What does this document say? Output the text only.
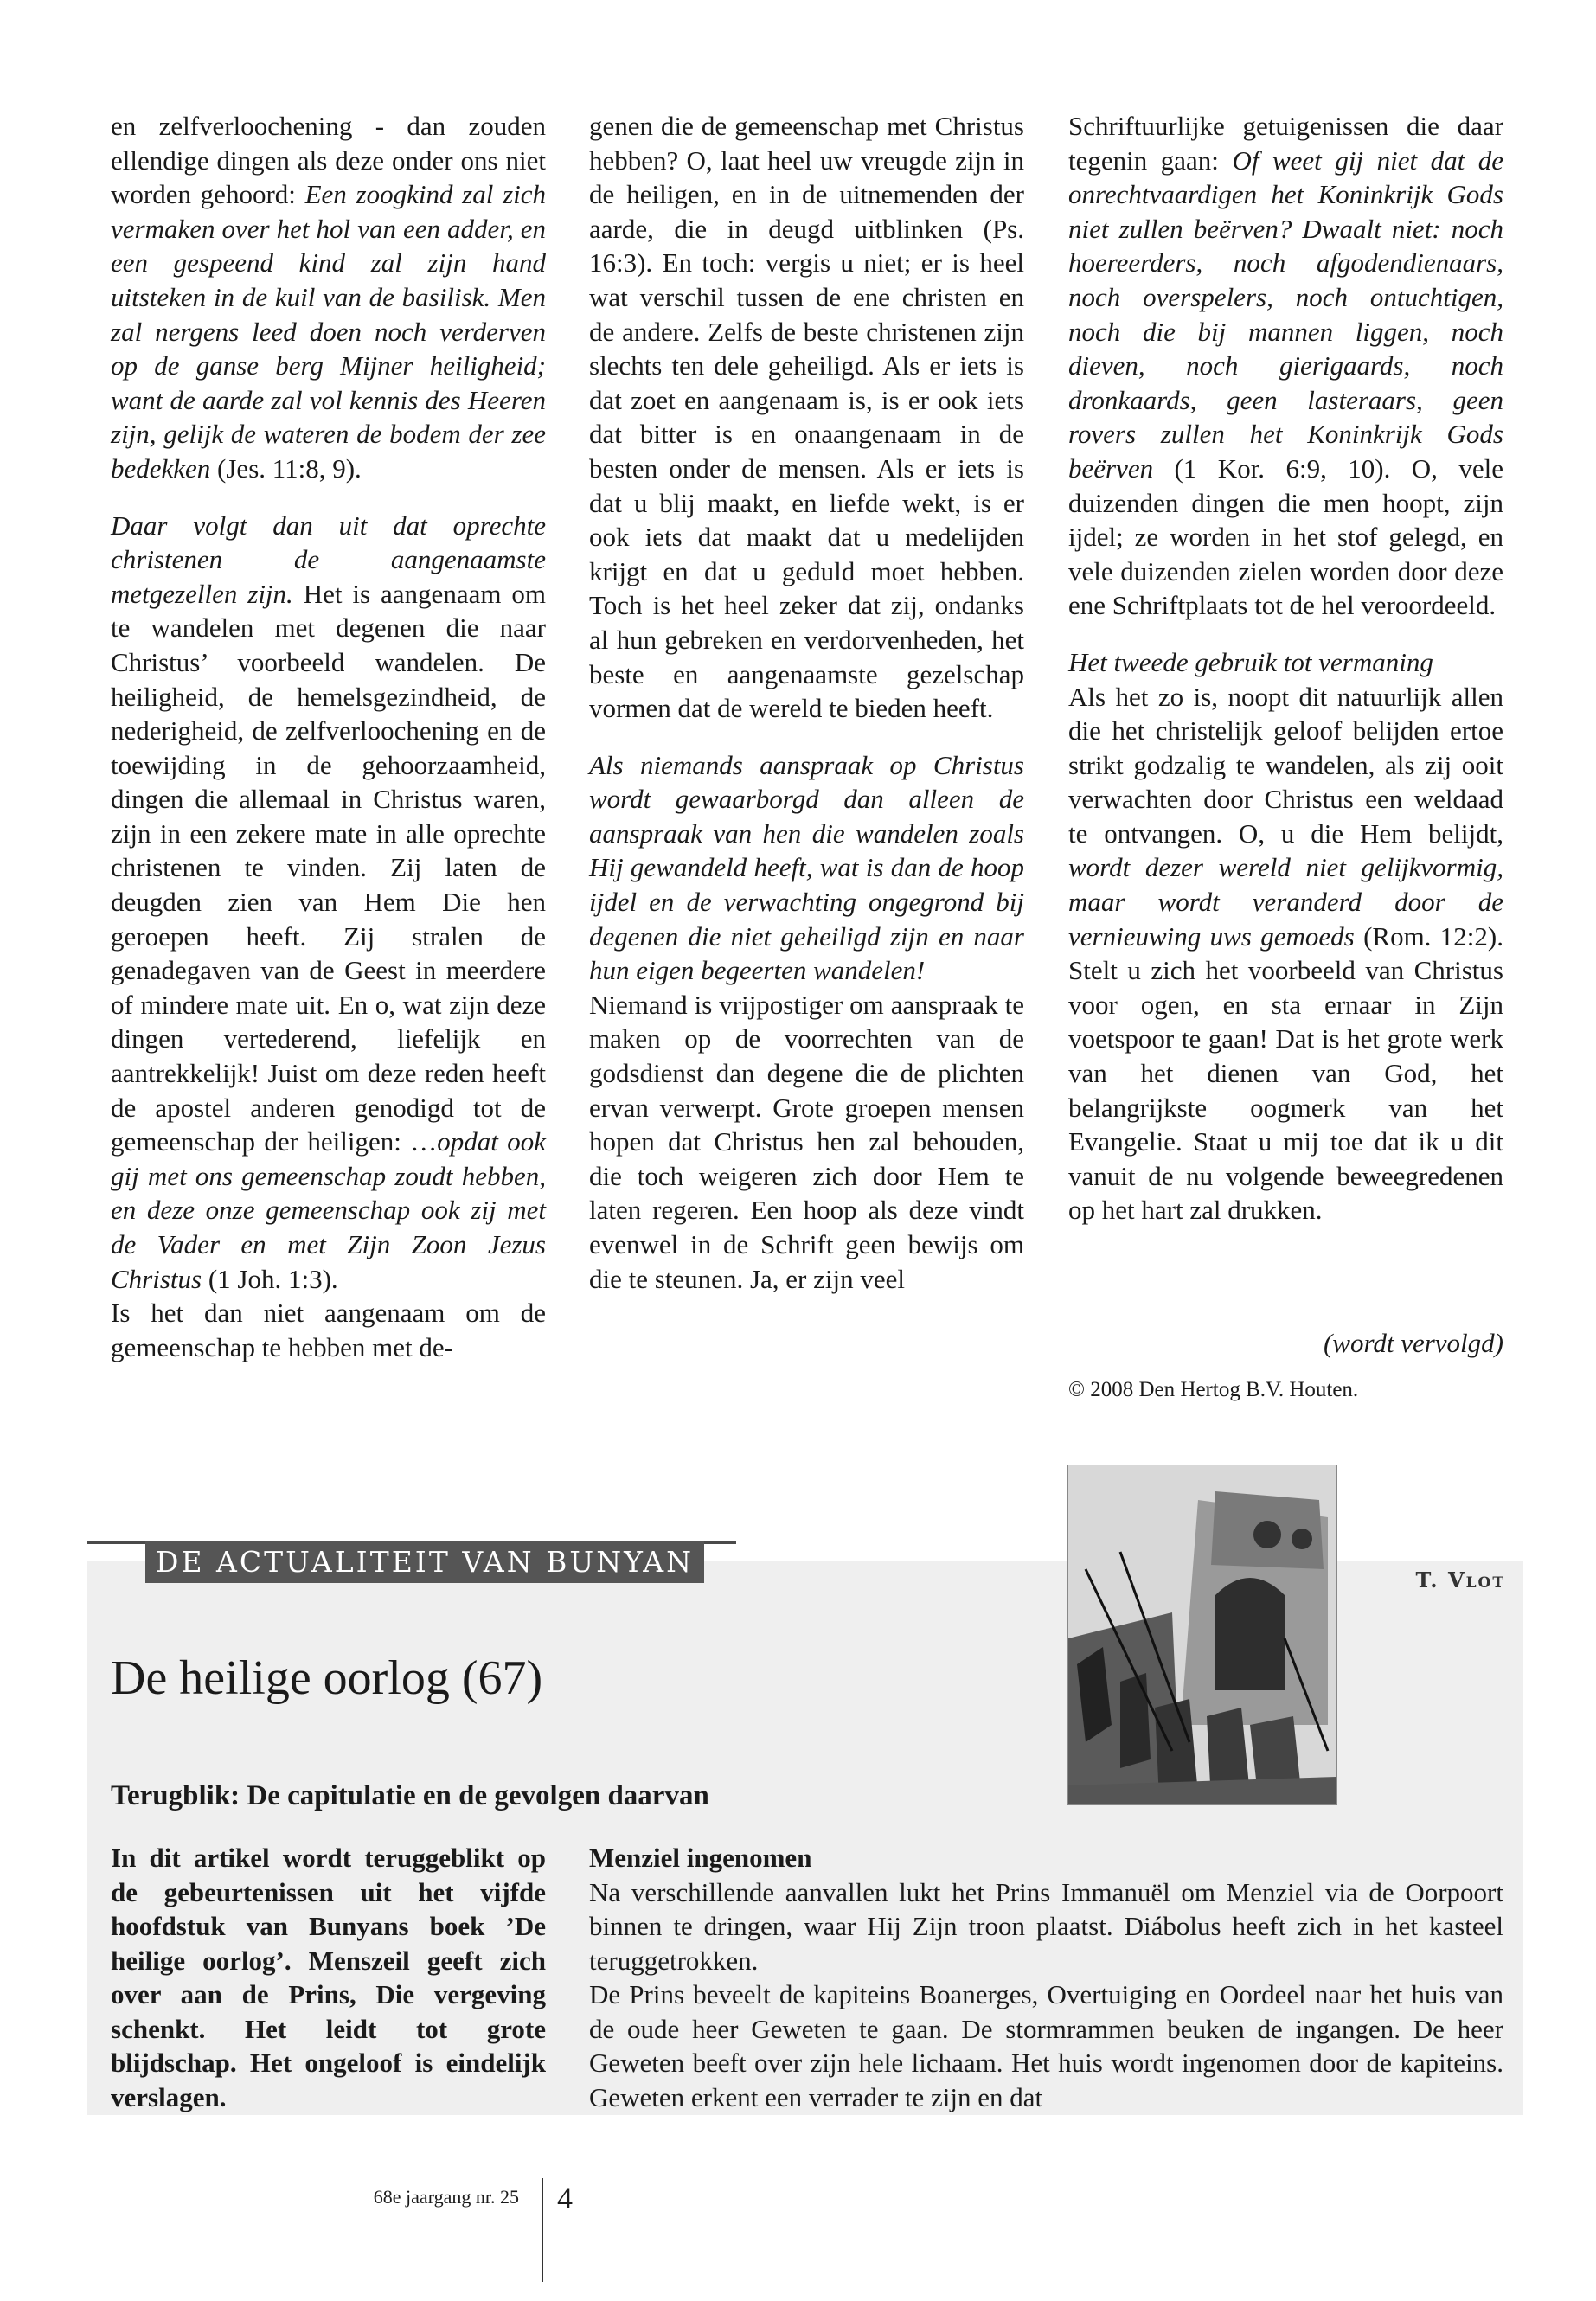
en zelfverloochening - dan zouden ellendige dingen als deze onder ons niet worden gehoord: Een zoogkind zal zich vermaken over het hol van een adder, en een gespeend kind zal zijn hand uitsteken in de kuil van de basilisk. Men zal nergens leed doen noch verderven op de ganse berg Mijner heiligheid; want de aarde zal vol kennis des Heeren zijn, gelijk de wateren de bodem der zee bedekken (Jes. 11:8, 9).

Daar volgt dan uit dat oprechte christenen de aangenaamste metgezellen zijn. Het is aangenaam om te wandelen met degenen die naar Christus’ voorbeeld wandelen. De heiligheid, de hemelsgezindheid, de nederigheid, de zelfverloochening en de toewijding in de gehoorzaamheid, dingen die allemaal in Christus waren, zijn in een zekere mate in alle oprechte christenen te vinden. Zij laten de deugden zien van Hem Die hen geroepen heeft. Zij stralen de genadegaven van de Geest in meerdere of mindere mate uit. En o, wat zijn deze dingen vertederend, liefelijk en aantrekkelijk! Juist om deze reden heeft de apostel anderen genodigd tot de gemeenschap der heiligen: …opdat ook gij met ons gemeenschap zoudt hebben, en deze onze gemeenschap ook zij met de Vader en met Zijn Zoon Jezus Christus (1 Joh. 1:3).

Is het dan niet aangenaam om de gemeenschap te hebben met de-

genen die de gemeenschap met Christus hebben? O, laat heel uw vreugde zijn in de heiligen, en in de uitnemenden der aarde, die in deugd uitblinken (Ps. 16:3). En toch: vergis u niet; er is heel wat verschil tussen de ene christen en de andere. Zelfs de beste christenen zijn slechts ten dele geheiligd. Als er iets is dat zoet en aangenaam is, is er ook iets dat bitter is en onaangenaam in de besten onder de mensen. Als er iets is dat u blij maakt, en liefde wekt, is er ook iets dat maakt dat u medelijden krijgt en dat u geduld moet hebben. Toch is het heel zeker dat zij, ondanks al hun gebreken en verdorvenheden, het beste en aangenaamste gezelschap vormen dat de wereld te bieden heeft.

Als niemands aanspraak op Christus wordt gewaarborgd dan alleen de aanspraak van hen die wandelen zoals Hij gewandeld heeft, wat is dan de hoop ijdel en de verwachting ongegrond bij degenen die niet geheiligd zijn en naar hun eigen begeerten wandelen!

Niemand is vrijpostiger om aanspraak te maken op de voorrechten van de godsdienst dan degene die de plichten ervan verwerpt. Grote groepen mensen hopen dat Christus hen zal behouden, die toch weigeren zich door Hem te laten regeren. Een hoop als deze vindt evenwel in de Schrift geen bewijs om die te steunen. Ja, er zijn veel

Schriftuurlijke getuigenissen die daar tegenin gaan: Of weet gij niet dat de onrechtvaardigen het Koninkrijk Gods niet zullen beërven? Dwaalt niet: noch hoereerders, noch afgodendienaars, noch overspelers, noch ontuchtigen, noch die bij mannen liggen, noch dieven, noch gierigaards, noch dronkaards, geen lasteraars, geen rovers zullen het Koninkrijk Gods beërven (1 Kor. 6:9, 10). O, vele duizenden dingen die men hoopt, zijn ijdel; ze worden in het stof gelegd, en vele duizenden zielen worden door deze ene Schriftplaats tot de hel veroordeeld.

Het tweede gebruik tot vermaning

Als het zo is, noopt dit natuurlijk allen die het christelijk geloof belijden ertoe strikt godzalig te wandelen, als zij ooit verwachten door Christus een weldaad te ontvangen. O, u die Hem belijdt, wordt dezer wereld niet gelijkvormig, maar wordt veranderd door de vernieuwing uws gemoeds (Rom. 12:2). Stelt u zich het voorbeeld van Christus voor ogen, en sta ernaar in Zijn voetspoor te gaan! Dat is het grote werk van het dienen van God, het belangrijkste oogmerk van het Evangelie. Staat u mij toe dat ik u dit vanuit de nu volgende beweegredenen op het hart zal drukken.

(wordt vervolgd)
© 2008 Den Hertog B.V. Houten.
DE ACTUALITEIT VAN BUNYAN
T. Vlot
De heilige oorlog (67)
Terugblik: De capitulatie en de gevolgen daarvan
In dit artikel wordt teruggeblikt op de gebeurtenissen uit het vijfde hoofdstuk van Bunyans boek ’De heilige oorlog’. Menszeil geeft zich over aan de Prins, Die vergeving schenkt. Het leidt tot grote blijdschap. Het ongeloof is eindelijk verslagen.

Menziel ingenomen

Na verschillende aanvallen lukt het Prins Immanuël om Menziel via de Oorpoort binnen te dringen, waar Hij Zijn troon plaatst. Diábolus heeft zich in het kasteel teruggetrokken.

De Prins beveelt de kapiteins Boanerges, Overtuiging en Oordeel naar het huis van de oude heer Geweten te gaan. De stormrammen beuken de ingangen. De heer Geweten beeft over zijn hele lichaam. Het huis wordt ingenomen door de kapiteins. Geweten erkent een verrader te zijn en dat

68e jaargang nr. 25 4
